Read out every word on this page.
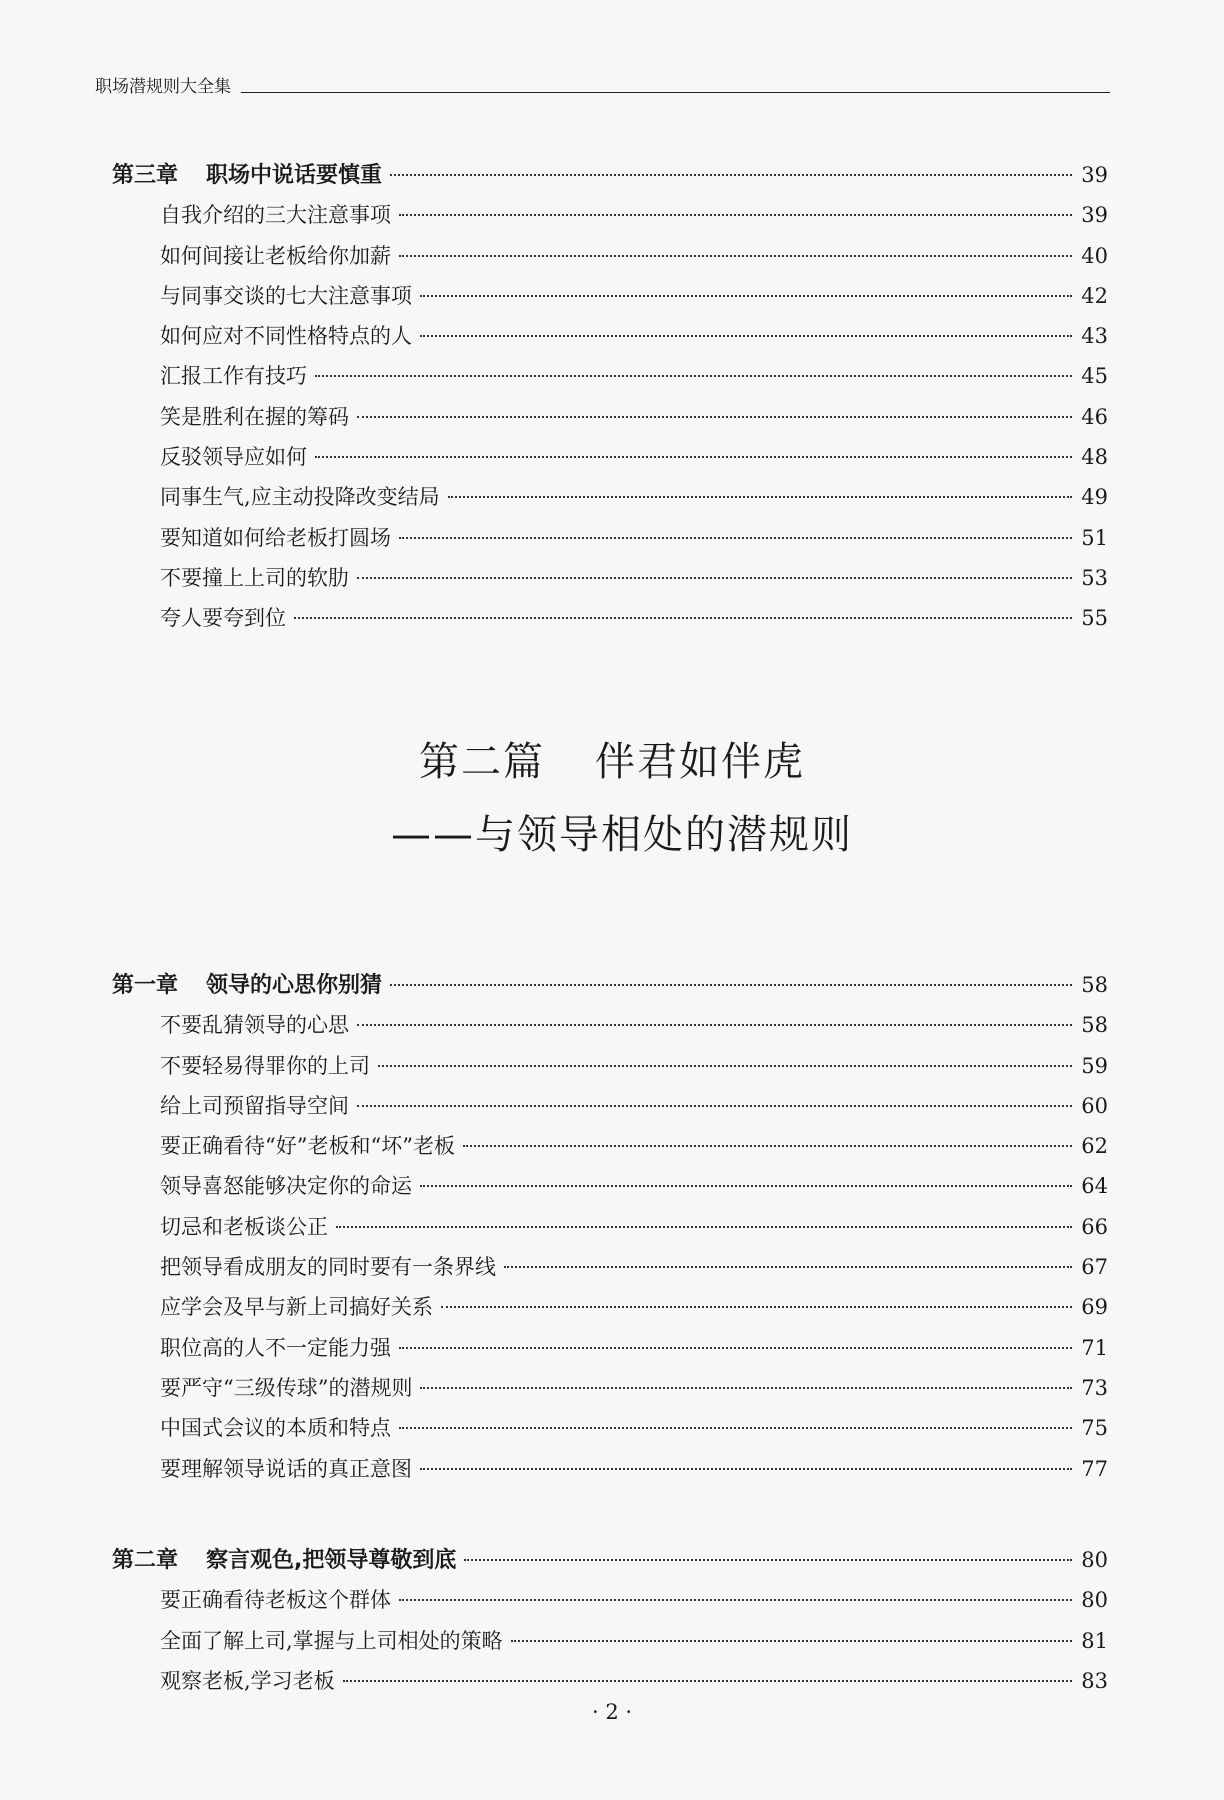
职场潜规则大全集
第三章 职场中说话要慎重	39
自我介绍的三大注意事项	39
如何间接让老板给你加薪	40
与同事交谈的七大注意事项	42
如何应对不同性格特点的人	43
汇报工作有技巧	45
笑是胜利在握的筹码	46
反驳领导应如何	48
同事生气,应主动投降改变结局	49
要知道如何给老板打圆场	51
不要撞上上司的软肋	53
夸人要夸到位	55
第二篇 伴君如伴虎
——与领导相处的潜规则
第一章 领导的心思你别猜	58
不要乱猜领导的心思	58
不要轻易得罪你的上司	59
给上司预留指导空间	60
要正确看待“好”老板和“坏”老板	62
领导喜怒能够决定你的命运	64
切忌和老板谈公正	66
把领导看成朋友的同时要有一条界线	67
应学会及早与新上司搞好关系	69
职位高的人不一定能力强	71
要严守“三级传球”的潜规则	73
中国式会议的本质和特点	75
要理解领导说话的真正意图	77
第二章 察言观色,把领导尊敬到底	80
要正确看待老板这个群体	80
全面了解上司,掌握与上司相处的策略	81
观察老板,学习老板	83
· 2 ·
